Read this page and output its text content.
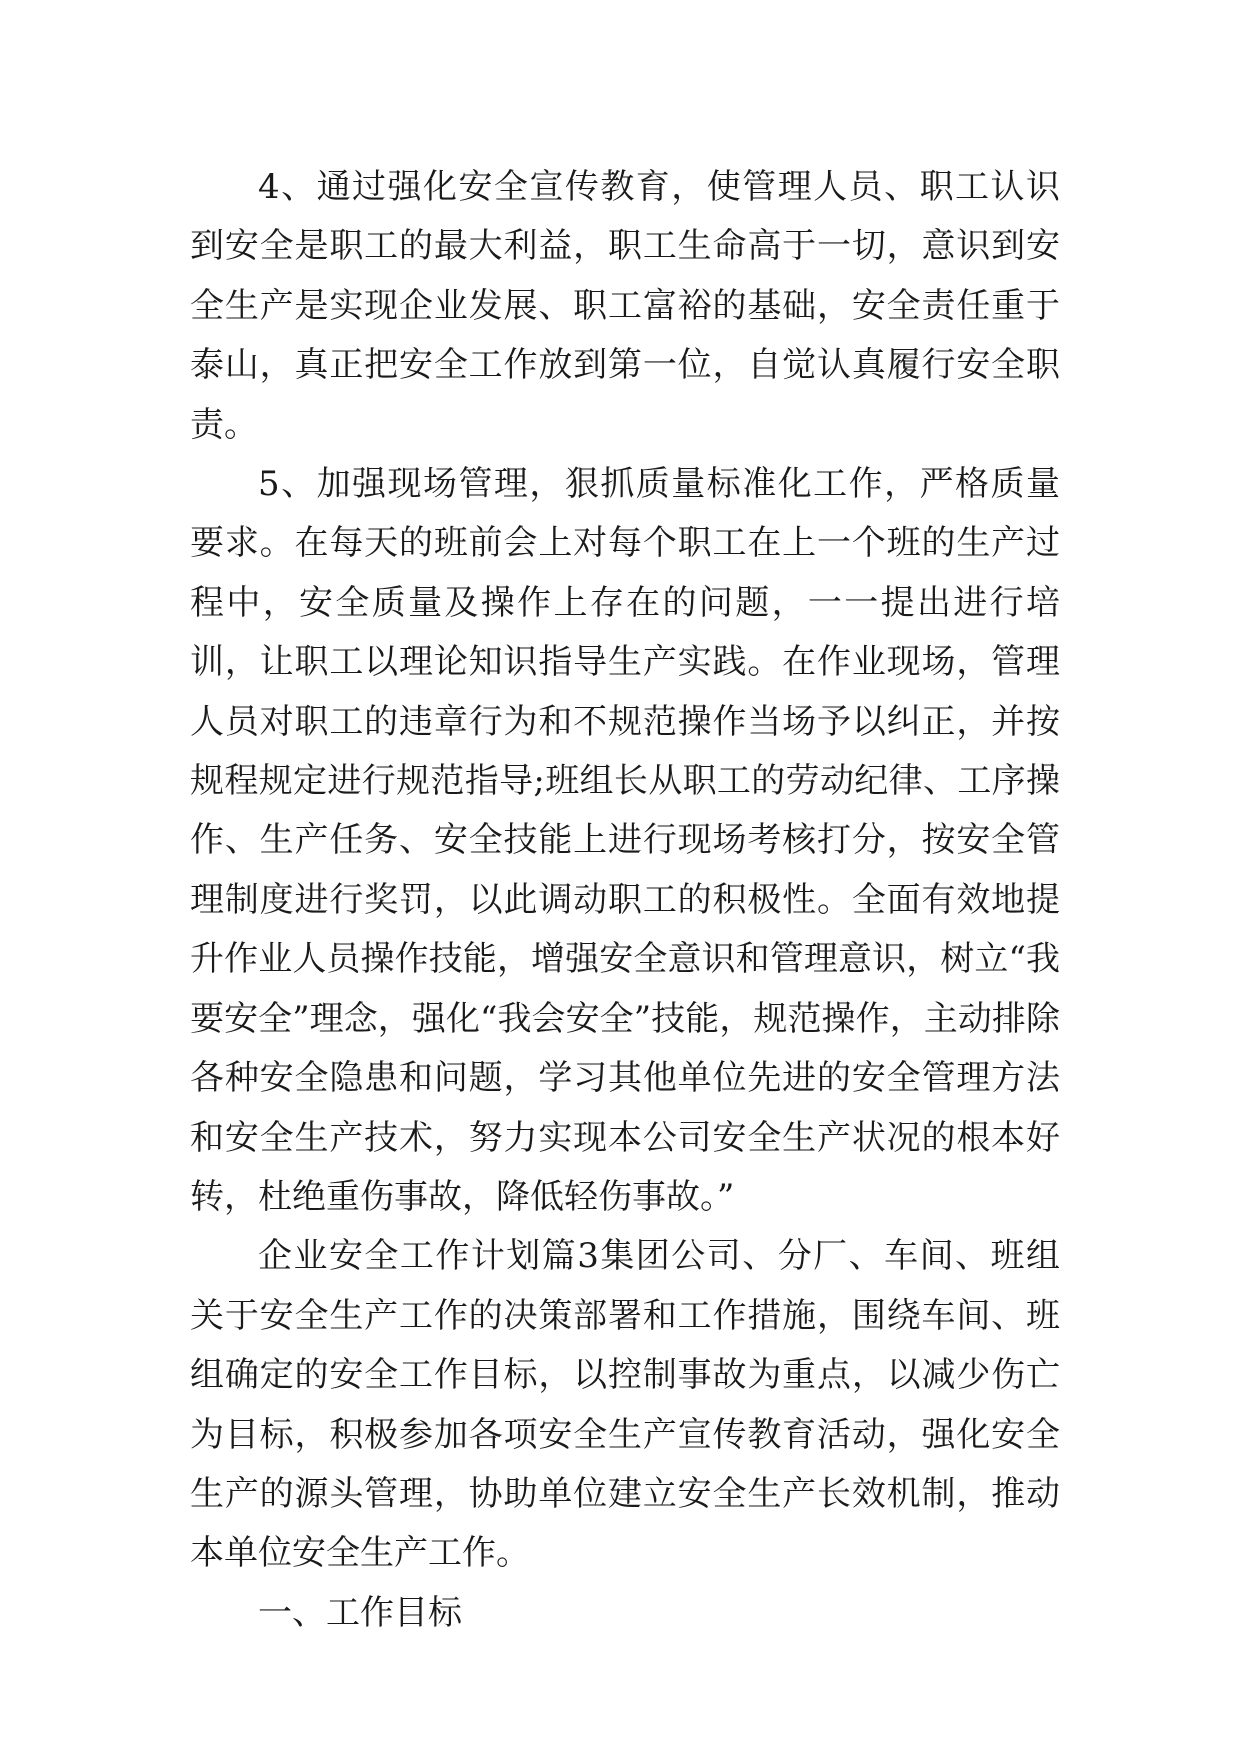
4、通过强化安全宣传教育，使管理人员、职工认识到安全是职工的最大利益，职工生命高于一切，意识到安全生产是实现企业发展、职工富裕的基础，安全责任重于泰山，真正把安全工作放到第一位，自觉认真履行安全职责。

5、加强现场管理，狠抓质量标准化工作，严格质量要求。在每天的班前会上对每个职工在上一个班的生产过程中，安全质量及操作上存在的问题，一一提出进行培训，让职工以理论知识指导生产实践。在作业现场，管理人员对职工的违章行为和不规范操作当场予以纠正，并按规程规定进行规范指导;班组长从职工的劳动纪律、工序操作、生产任务、安全技能上进行现场考核打分，按安全管理制度进行奖罚，以此调动职工的积极性。全面有效地提升作业人员操作技能，增强安全意识和管理意识，树立“我要安全”理念，强化“我会安全”技能，规范操作，主动排除各种安全隐患和问题，学习其他单位先进的安全管理方法和安全生产技术，努力实现本公司安全生产状况的根本好转，杜绝重伤事故，降低轻伤事故。”

企业安全工作计划篇3集团公司、分厂、车间、班组关于安全生产工作的决策部署和工作措施，围绕车间、班组确定的安全工作目标，以控制事故为重点，以减少伤亡为目标，积极参加各项安全生产宣传教育活动，强化安全生产的源头管理，协助单位建立安全生产长效机制，推动本单位安全生产工作。

一、工作目标
